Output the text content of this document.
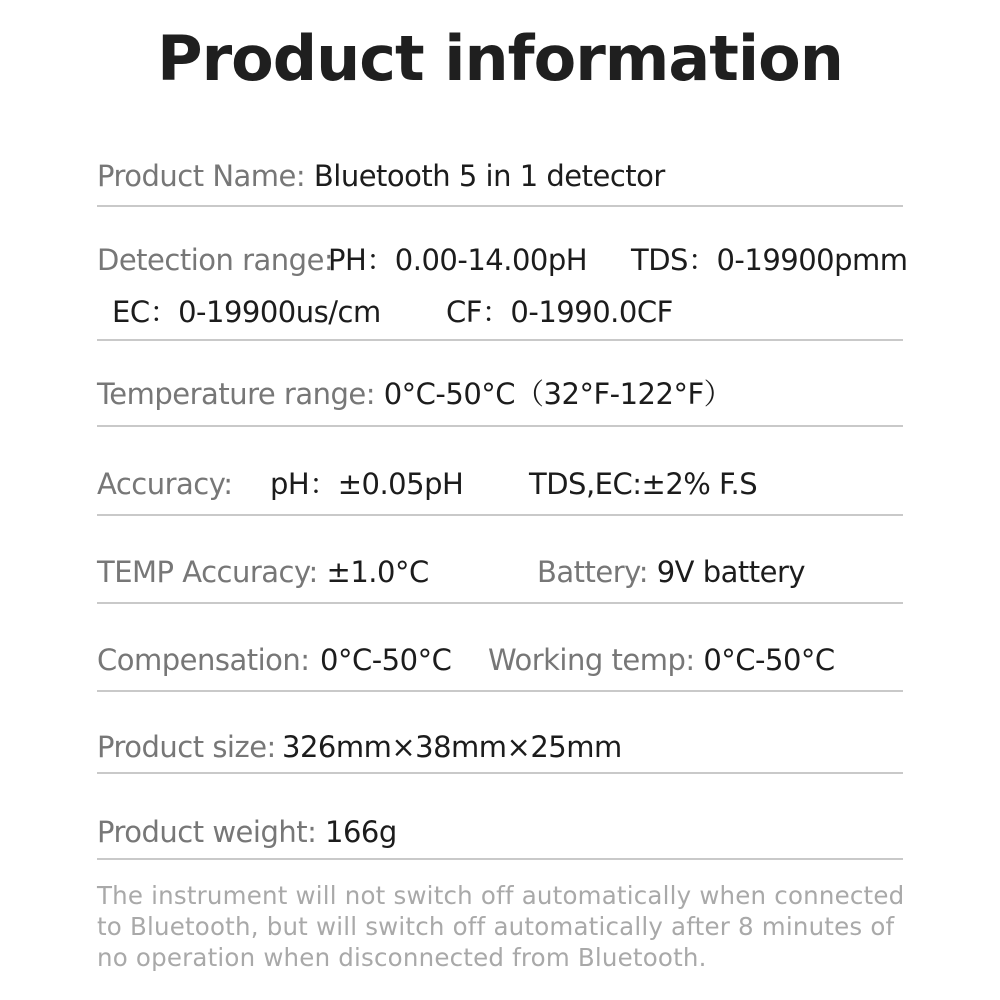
Product information
Product Name: Bluetooth 5 in 1 detector
Detection range:
PH：0.00-14.00pH TDS：0-19900pmm
EC：0-19900us/cm CF：0-1990.0CF
Temperature range: 0°C-50°C（32°F-122°F）
Accuracy: pH：±0.05pH TDS,EC:±2% F.S
TEMP Accuracy: ±1.0°C	Battery: 9V battery
Compensation: 0°C-50°C Working temp: 0°C-50°C
Product size: 326mm×38mm×25mm
Product weight: 166g
The instrument will not switch off automatically when connected to Bluetooth, but will switch off automatically after 8 minutes of no operation when disconnected from Bluetooth.
